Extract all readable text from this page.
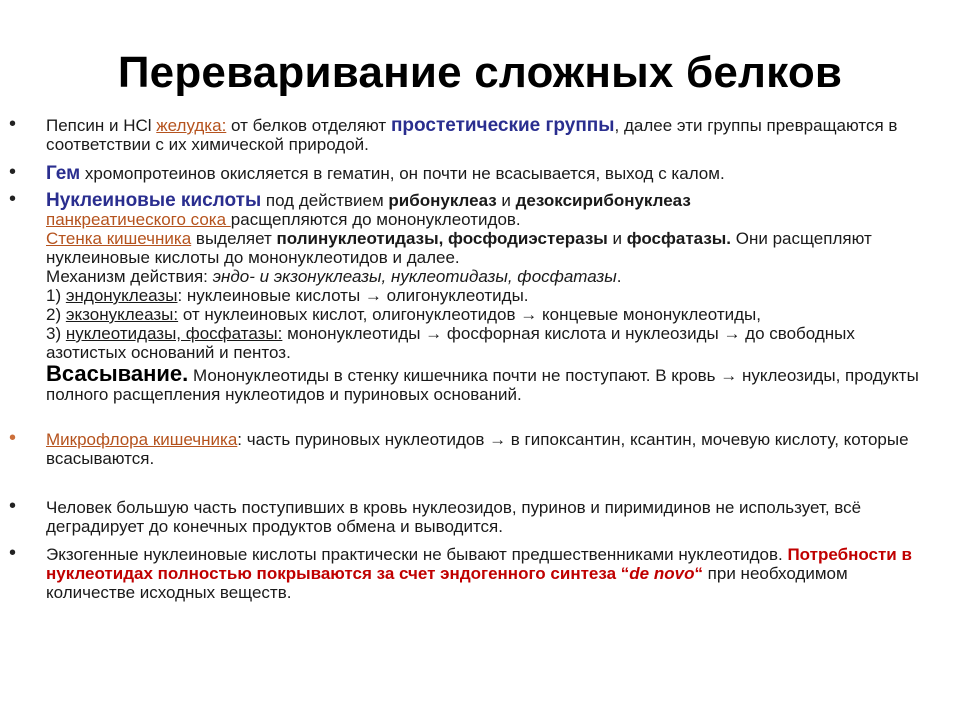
Переваривание сложных белков
• Пепсин и HCl желудка: от белков отделяют простетические группы, далее эти группы превращаются в соответствии с их химической природой.
• Гем хромопротеинов окисляется в гематин, он почти не всасывается, выход с калом.
• Нуклеиновые кислоты под действием рибонуклеаз и дезоксирибонуклеаз
панкреатического сока расщепляются до мононуклеотидов.
Стенка кишечника выделяет полинуклеотидазы, фосфодиэстеразы и фосфатазы. Они расщепляют нуклеиновые кислоты до мононуклеотидов и далее.
Механизм действия: эндо- и экзонуклеазы, нуклеотидазы, фосфатазы.
1) эндонуклеазы: нуклеиновые кислоты → олигонуклеотиды.
2) экзонуклеазы: от нуклеиновых кислот, олигонуклеотидов → концевые мононуклеотиды,
3) нуклеотидазы, фосфатазы: мононуклеотиды → фосфорная кислота и нуклеозиды → до свободных азотистых оснований и пентоз.
Всасывание. Мононуклеотиды в стенку кишечника почти не поступают. В кровь → нуклеозиды, продукты полного расщепления нуклеотидов и пуриновых оснований.
• Микрофлора кишечника: часть пуриновых нуклеотидов → в гипоксантин, ксантин, мочевую кислоту, которые всасываются.
• Человек большую часть поступивших в кровь нуклеозидов, пуринов и пиримидинов не использует, всё деградирует до конечных продуктов обмена и выводится.
• Экзогенные нуклеиновые кислоты практически не бывают предшественниками нуклеотидов. Потребности в нуклеотидах полностью покрываются за счет эндогенного синтеза “de novo“ при необходимом количестве исходных веществ.
